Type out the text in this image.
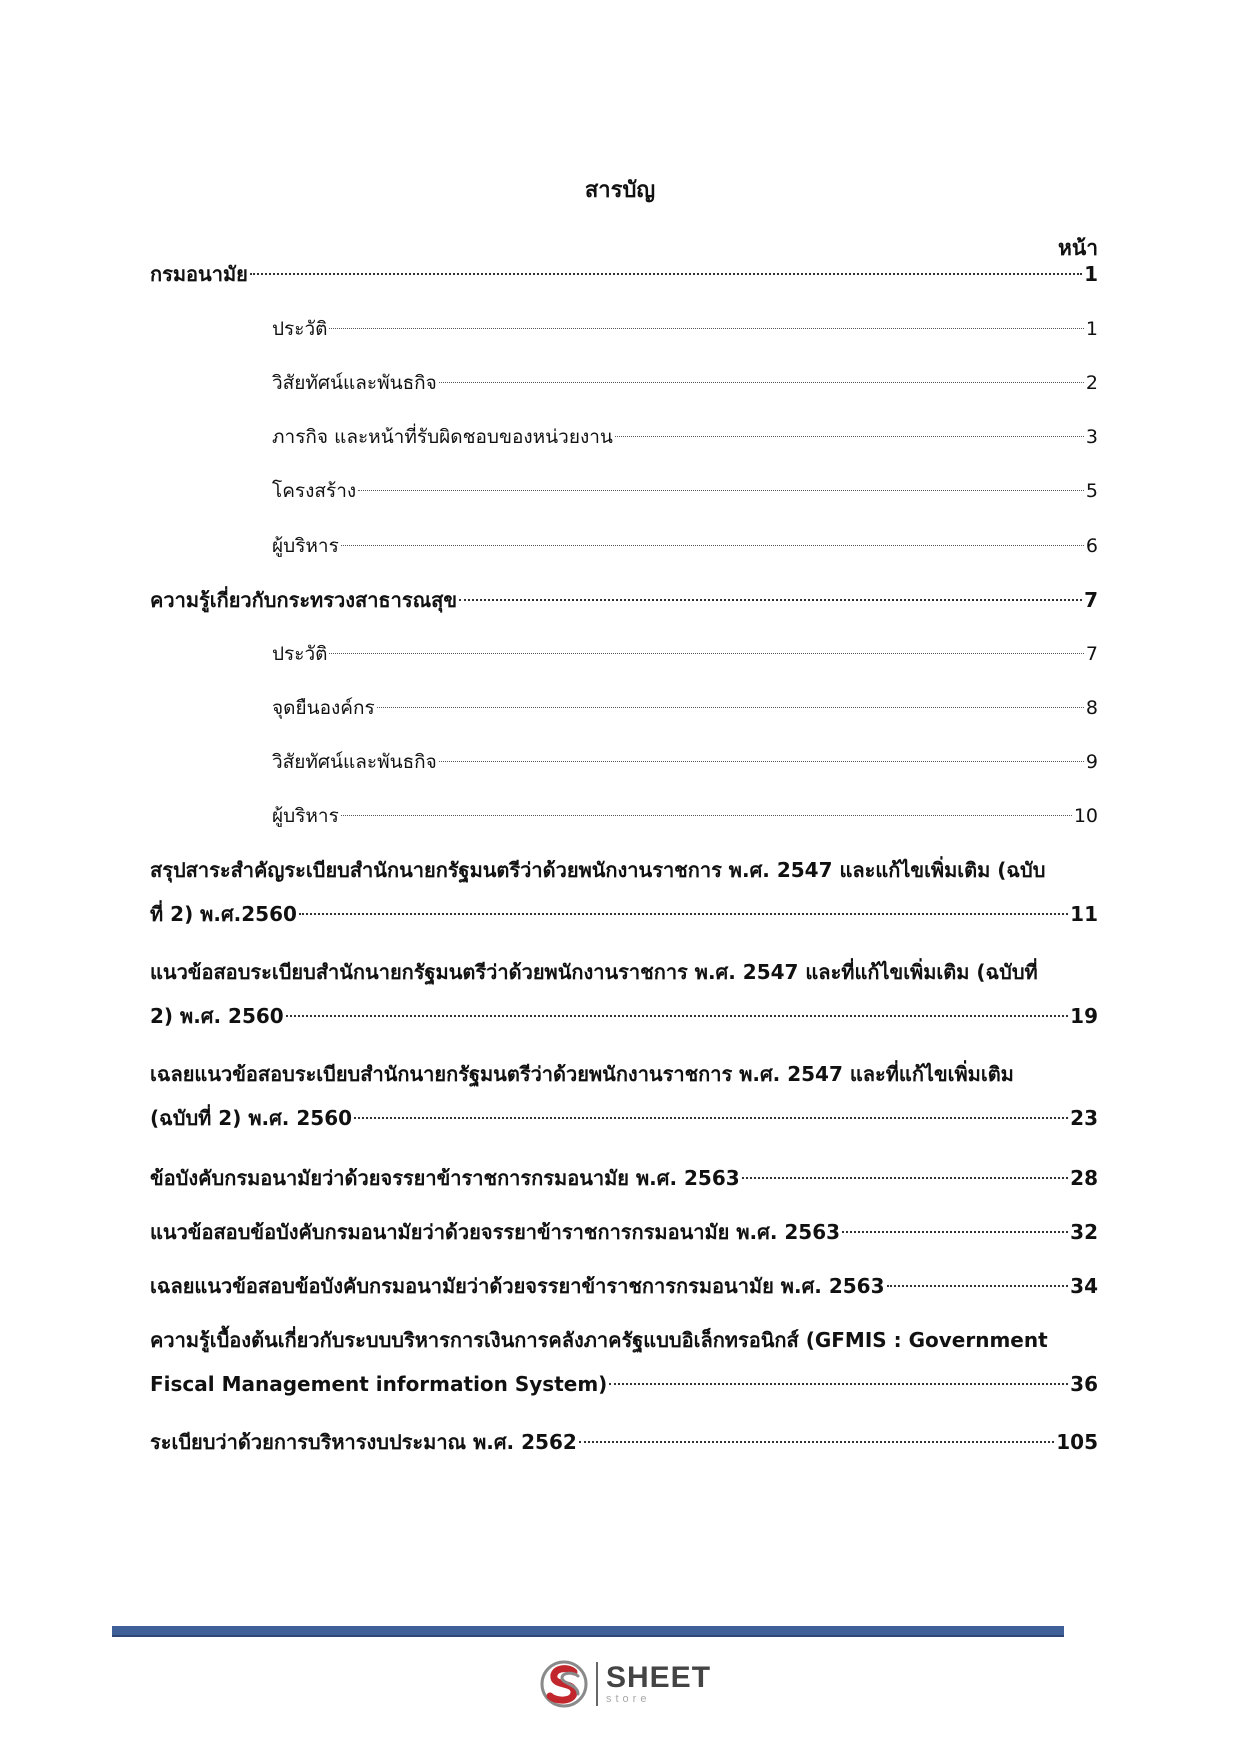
สารบัญ
หน้า
กรมอนามัย	1
ประวัติ	1
วิสัยทัศน์และพันธกิจ	2
ภารกิจ และหน้าที่รับผิดชอบของหน่วยงาน	3
โครงสร้าง	5
ผู้บริหาร	6
ความรู้เกี่ยวกับกระทรวงสาธารณสุข	7
ประวัติ	7
จุดยืนองค์กร	8
วิสัยทัศน์และพันธกิจ	9
ผู้บริหาร	10
สรุปสาระสำคัญระเบียบสำนักนายกรัฐมนตรีว่าด้วยพนักงานราชการ พ.ศ. 2547 และแก้ไขเพิ่มเติม (ฉบับ
ที่ 2) พ.ศ.2560	11
แนวข้อสอบระเบียบสำนักนายกรัฐมนตรีว่าด้วยพนักงานราชการ พ.ศ. 2547 และที่แก้ไขเพิ่มเติม (ฉบับที่
2) พ.ศ. 2560	19
เฉลยแนวข้อสอบระเบียบสำนักนายกรัฐมนตรีว่าด้วยพนักงานราชการ พ.ศ. 2547 และที่แก้ไขเพิ่มเติม
(ฉบับที่ 2) พ.ศ. 2560	23
ข้อบังคับกรมอนามัยว่าด้วยจรรยาข้าราชการกรมอนามัย พ.ศ. 2563	28
แนวข้อสอบข้อบังคับกรมอนามัยว่าด้วยจรรยาข้าราชการกรมอนามัย พ.ศ. 2563	32
เฉลยแนวข้อสอบข้อบังคับกรมอนามัยว่าด้วยจรรยาข้าราชการกรมอนามัย พ.ศ. 2563	34
ความรู้เบื้องต้นเกี่ยวกับระบบบริหารการเงินการคลังภาครัฐแบบอิเล็กทรอนิกส์ (GFMIS : Government
Fiscal Management information System)	36
ระเบียบว่าด้วยการบริหารงบประมาณ พ.ศ. 2562	105
SHEET
store
